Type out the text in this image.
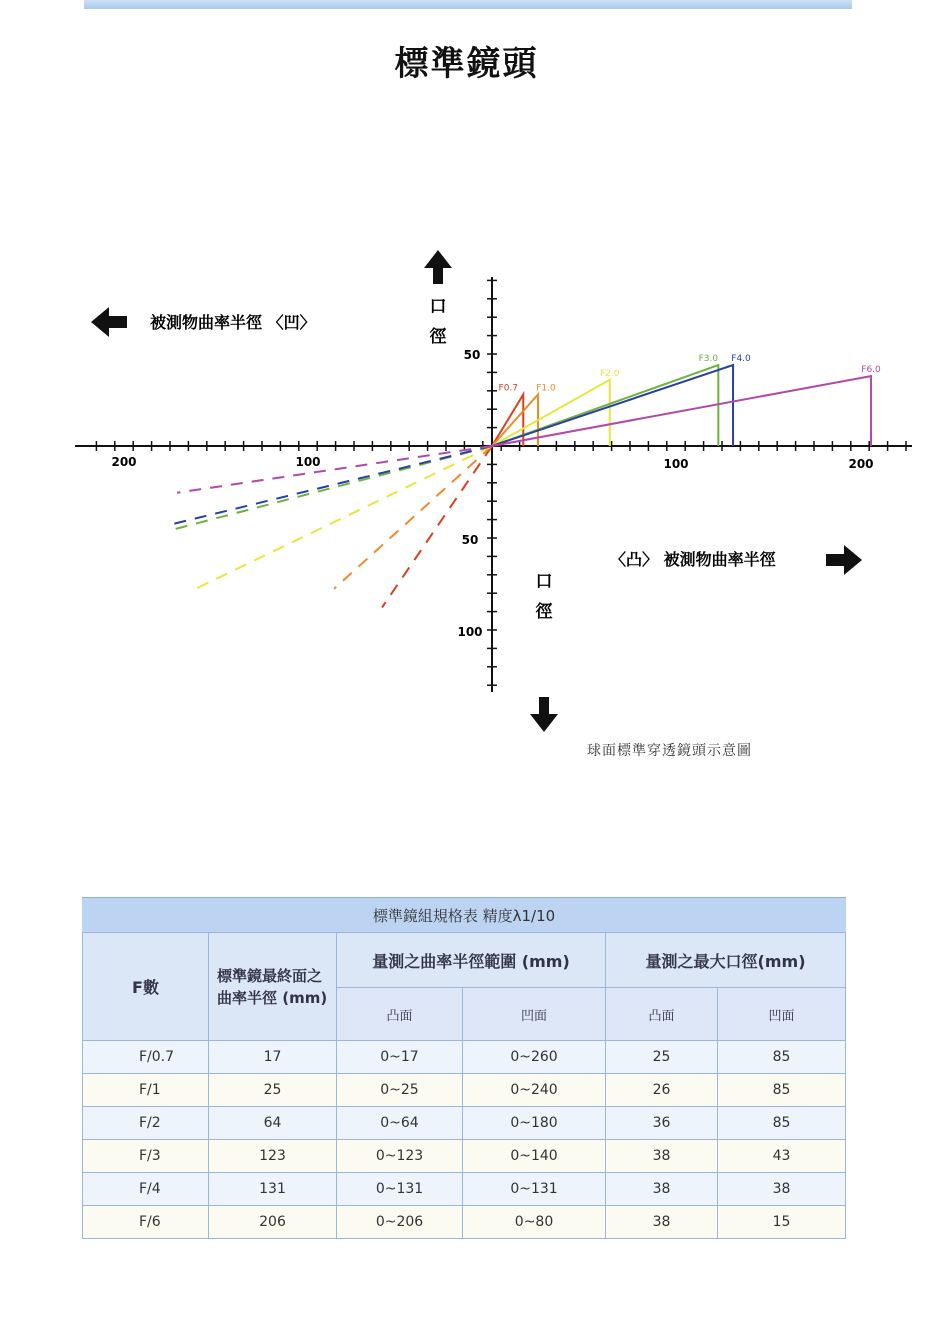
標準鏡頭
200	100	100	200
50
50
100
F0.7 F1.0
F2.0
F3.0 F4.0
F6.0
被測物曲率半徑 〈凹〉
〈凸〉 被測物曲率半徑
口
徑
口
徑
球面標準穿透鏡頭示意圖
標準鏡組規格表 精度λ1/10
F數	標準鏡最終面之曲率半徑 (mm)	量測之曲率半徑範圍 (mm)		量測之最大口徑(mm)	
		凸面	凹面	凸面	凹面
F/0.7	17	0~17	0~260	25	85
F/1	25	0~25	0~240	26	85
F/2	64	0~64	0~180	36	85
F/3	123	0~123	0~140	38	43
F/4	131	0~131	0~131	38	38
F/6	206	0~206	0~80	38	15
